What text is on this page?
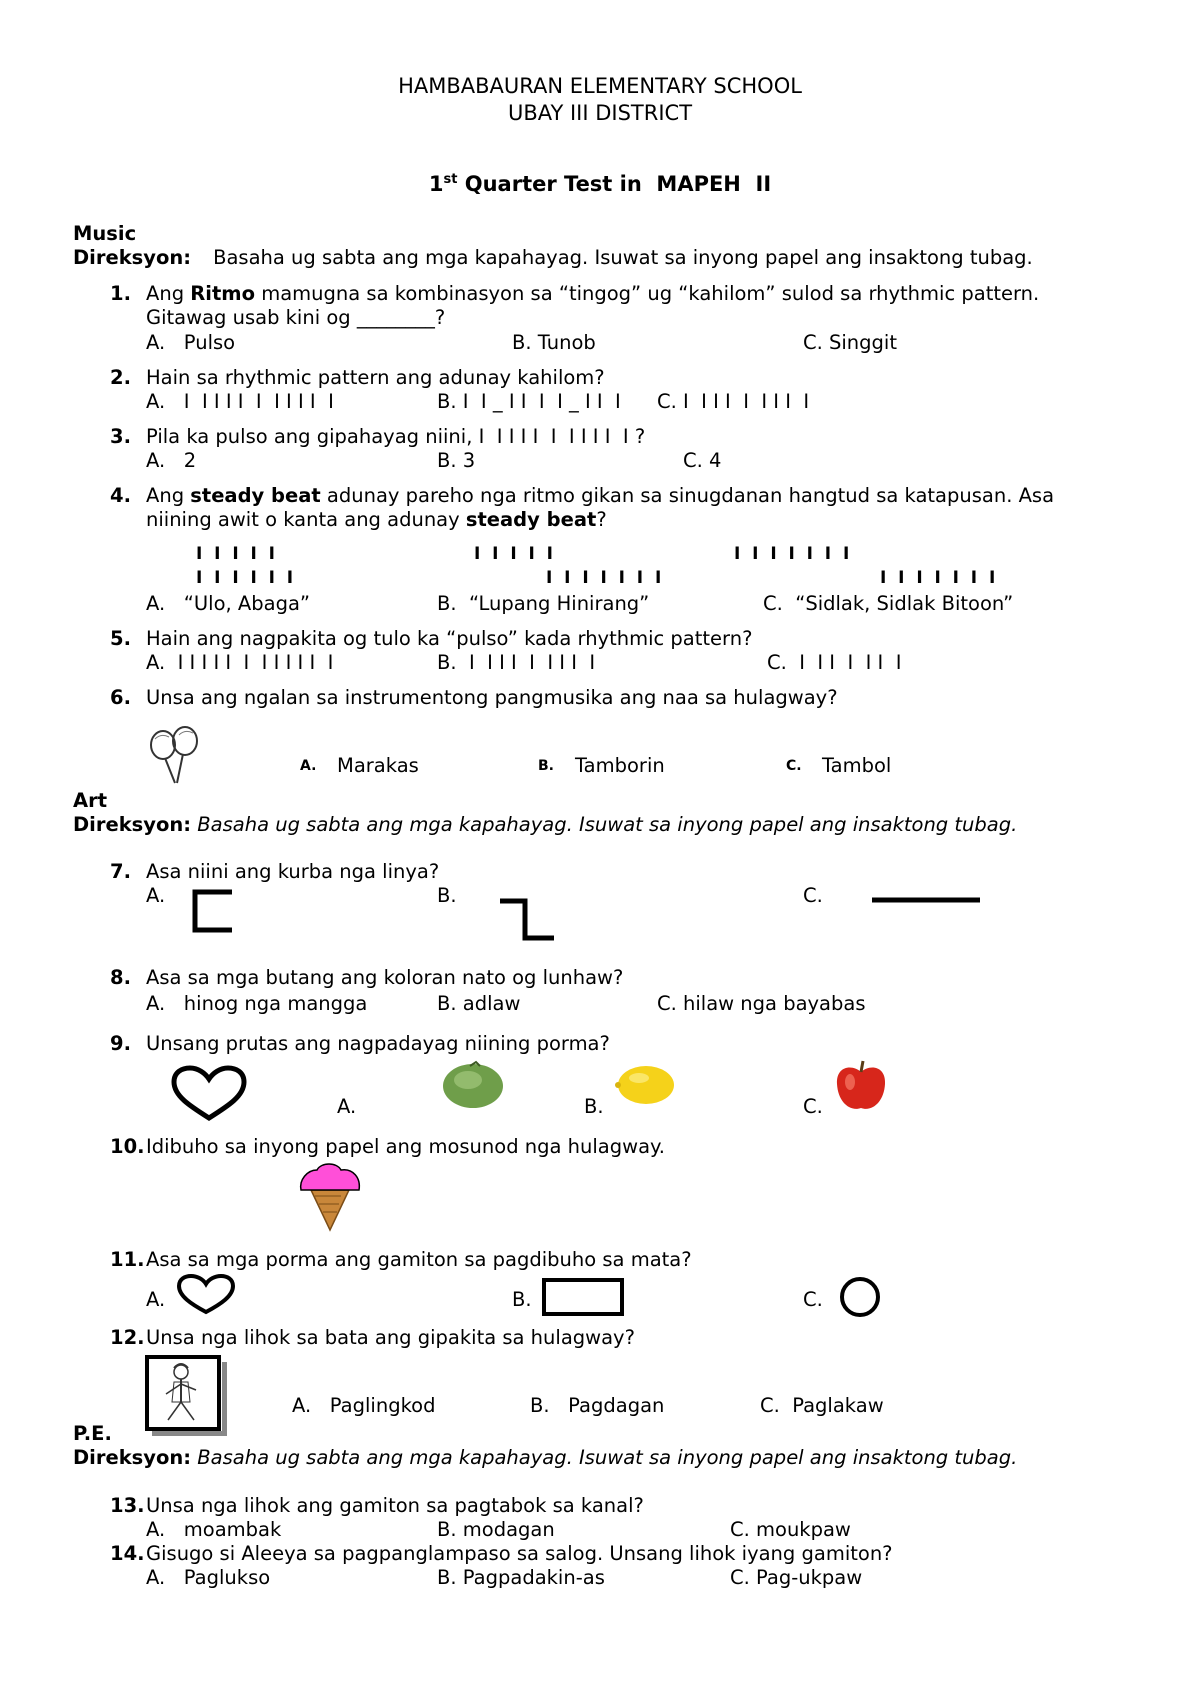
HAMBABAURAN ELEMENTARY SCHOOL
UBAY III DISTRICT
1st Quarter Test in  MAPEH  II
Music
Direksyon: Basaha ug sabta ang mga kapahayag. Isuwat sa inyong papel ang insaktong tubag.
1. Ang Ritmo mamugna sa kombinasyon sa “tingog” ug “kahilom” sulod sa rhythmic pattern.
Gitawag usab kini og ________?
A.   Pulso	B. Tunob	C. Singgit
2. Hain sa rhythmic pattern ang adunay kahilom?
A.   I  I I I I  I  I I I I  I	B. I  I _ I I  I  I _ I I  I C. I  I I I  I  I I I  I
3. Pila ka pulso ang gipahayag niini, I  I I I I  I  I I I I  I ?
A.   2	B. 3	C. 4
4. Ang steady beat adunay pareho nga ritmo gikan sa sinugdanan hangtud sa katapusan. Asa
niining awit o kanta ang adunay steady beat?
I  I  I  I  I
I  I  I  I  I  I
I  I  I  I  I
I  I  I  I  I  I  I
I  I  I  I  I  I  I
I  I  I  I  I  I  I
A.   “Ulo, Abaga”	B.  “Lupang Hinirang”	C.  “Sidlak, Sidlak Bitoon”
5. Hain ang nagpakita og tulo ka “pulso” kada rhythmic pattern?
A.  I I I I I  I  I I I I I  I	B.  I  I I I  I  I I I  I	C.  I  I I  I  I I  I
6. Unsa ang ngalan sa instrumentong pangmusika ang naa sa hulagway?
A. Marakas	B. Tamborin	C. Tambol
Art
Direksyon: Basaha ug sabta ang mga kapahayag. Isuwat sa inyong papel ang insaktong tubag.
7. Asa niini ang kurba nga linya?
A.	B.	C.
8. Asa sa mga butang ang koloran nato og lunhaw?
A.   hinog nga mangga	B. adlaw	C. hilaw nga bayabas
9. Unsang prutas ang nagpadayag niining porma?
A.	B.	C.
10. Idibuho sa inyong papel ang mosunod nga hulagway.
11. Asa sa mga porma ang gamiton sa pagdibuho sa mata?
A.	B.	C.
12. Unsa nga lihok sa bata ang gipakita sa hulagway?
A.   Paglingkod	B.   Pagdagan	C.  Paglakaw
P.E.
Direksyon: Basaha ug sabta ang mga kapahayag. Isuwat sa inyong papel ang insaktong tubag.
13. Unsa nga lihok ang gamiton sa pagtabok sa kanal?
A.   moambak	B. modagan	C. moukpaw
14. Gisugo si Aleeya sa pagpanglampaso sa salog. Unsang lihok iyang gamiton?
A.   Paglukso	B. Pagpadakin-as	C. Pag-ukpaw
